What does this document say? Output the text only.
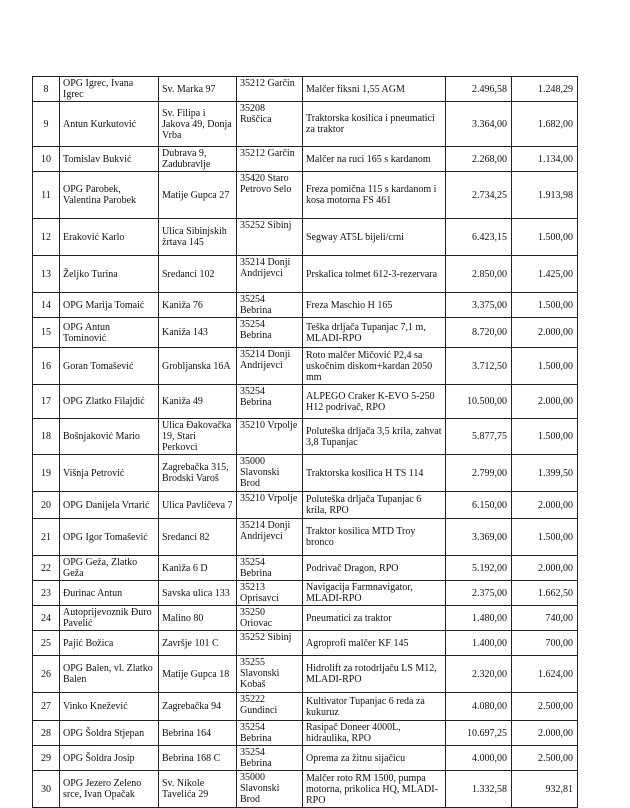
8	OPG Igrec, Ivana Igrec	Sv. Marka 97	35212 Garčin	Malčer fiksni 1,55 AGM	2.496,58	1.248,29
9	Antun Kurkutović	Sv. Filipa i Jakova 49, Donja Vrba	35208 Ruščica	Traktorska kosilica i pneumatici za traktor	3.364,00	1.682,00
10	Tomislav Bukvić	Dubrava 9, Zadubravlje	35212 Garčin	Malčer na ruci 165 s kardanom	2.268,00	1.134,00
11	OPG Parobek, Valentina Parobek	Matije Gupca 27	35420 Staro Petrovo Selo	Freza pomična 115 s kardanom i kosa motorna FS 461	2.734,25	1.913,98
12	Eraković Karlo	Ulica Sibinjskih žrtava 145	35252 Sibinj	Segway AT5L bijeli/crni	6.423,15	1.500,00
13	Željko Turina	Sredanci 102	35214 Donji Andrijevci	Prskalica tolmet 612-3-rezervara	2.850,00	1.425,00
14	OPG Marija Tomaić	Kaniža 76	35254 Bebrina	Freza Maschio H 165	3.375,00	1.500,00
15	OPG Antun Tominović	Kaniža 143	35254 Bebrina	Teška drljača Tupanjac 7,1 m, MLADI-RPO	8.720,00	2.000,00
16	Goran Tomašević	Grobljanska 16A	35214 Donji Andrijevci	Roto malčer Mičović P2,4 sa uskočnim diskom+kardan 2050 mm	3.712,50	1.500,00
17	OPG Zlatko Filajdić	Kaniža 49	35254 Bebrina	ALPEGO Craker K-EVO 5-250 H12 podrivač, RPO	10.500,00	2.000,00
18	Bošnjaković Mario	Ulica Đakovačka 19, Stari Perkovci	35210 Vrpolje	Poluteška drljača 3,5 krila, zahvat 3,8 Tupanjac	5.877,75	1.500,00
19	Višnja Petrović	Zagrebačka 315, Brodski Varoš	35000 Slavonski Brod	Traktorska kosilica H TS 114	2.799,00	1.399,50
20	OPG Danijela Vrtarić	Ulica Pavličeva 7	35210 Vrpolje	Poluteška drljača Tupanjac 6 krila, RPO	6.150,00	2.000,00
21	OPG Igor Tomašević	Sredanci 82	35214 Donji Andrijevci	Traktor kosilica MTD Troy bronco	3.369,00	1.500,00
22	OPG Geža, Zlatko Geža	Kaniža 6 D	35254 Bebrina	Podrivač Dragon, RPO	5.192,00	2.000,00
23	Đurinac Antun	Savska ulica 133	35213 Oprisavci	Navigacija Farmnavigator, MLADI-RPO	2.375,00	1.662,50
24	Autoprijevoznik Đuro Pavelić	Malino 80	35250 Oriovac	Pneumatici za traktor	1.480,00	740,00
25	Pajić Božica	Završje 101 C	35252 Sibinj	Agroprofi malčer KF 145	1.400,00	700,00
26	OPG Balen, vl. Zlatko Balen	Matije Gupca 18	35255 Slavonski Kobaš	Hidrolift za rotodrljaču LS M12, MLADI-RPO	2.320,00	1.624,00
27	Vinko Knežević	Zagrebačka 94	35222 Gundinci	Kultivator Tupanjac 6 reda za kukuruz	4.080,00	2.500,00
28	OPG Šoldra Stjepan	Bebrina 164	35254 Bebrina	Rasipač Doneer 4000L, hidraulika, RPO	10.697,25	2.000,00
29	OPG Šoldra Josip	Bebrina 168 C	35254 Bebrina	Oprema za žitnu sijačicu	4.000,00	2.500,00
30	OPG Jezero Zeleno srce, Ivan Opačak	Sv. Nikole Tavelića 29	35000 Slavonski Brod	Malčer roto RM 1500, pumpa motorna, prikolica HQ, MLADI-RPO	1.332,58	932,81
